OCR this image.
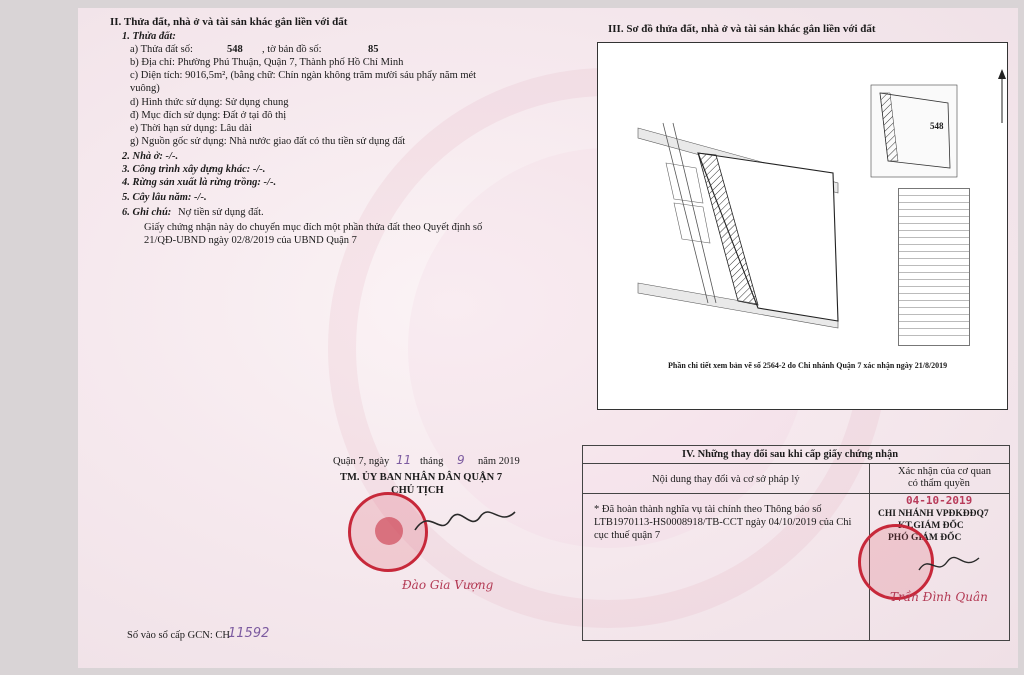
II. Thửa đất, nhà ở và tài sản khác gắn liền với đất
1. Thửa đất:
a) Thửa đất số:	548 , tờ bản đồ số:	85
b) Địa chỉ: Phường Phú Thuận, Quận 7, Thành phố Hồ Chí Minh
c) Diện tích: 9016,5m², (bằng chữ: Chín ngàn không trăm mười sáu phẩy năm mét
vuông)
d) Hình thức sử dụng: Sử dụng chung
đ) Mục đích sử dụng: Đất ở tại đô thị
e) Thời hạn sử dụng: Lâu dài
g) Nguồn gốc sử dụng: Nhà nước giao đất có thu tiền sử dụng đất
2. Nhà ở: -/-.
3. Công trình xây dựng khác: -/-.
4. Rừng sản xuất là rừng trồng: -/-.
5. Cây lâu năm: -/-.
6. Ghi chú: Nợ tiền sử dụng đất.
Giấy chứng nhận này do chuyển mục đích một phần thửa đất theo Quyết định số
21/QĐ-UBND ngày 02/8/2019 của UBND Quận 7
Quận 7, ngày 11 tháng 9 năm 2019
TM. ỦY BAN NHÂN DÂN QUẬN 7
CHỦ TỊCH
Đào Gia Vượng
Số vào sổ cấp GCN: CH
11592
III. Sơ đồ thửa đất, nhà ở và tài sản khác gắn liền với đất
548
Phần chi tiết xem bản vẽ số 2564-2 do Chi nhánh Quận 7 xác nhận ngày 21/8/2019
IV. Những thay đổi sau khi cấp giấy chứng nhận
Nội dung thay đổi và cơ sở pháp lý
Xác nhận của cơ quan
có thẩm quyền
* Đã hoàn thành nghĩa vụ tài chính theo Thông báo số
LTB1970113-HS0008918/TB-CCT ngày 04/10/2019 của Chi
cục thuế quận 7
04-10-2019
CHI NHÁNH VPĐKĐĐQ7
KT.GIÁM ĐỐC
PHÓ GIÁM ĐỐC
Trần Đình Quân
